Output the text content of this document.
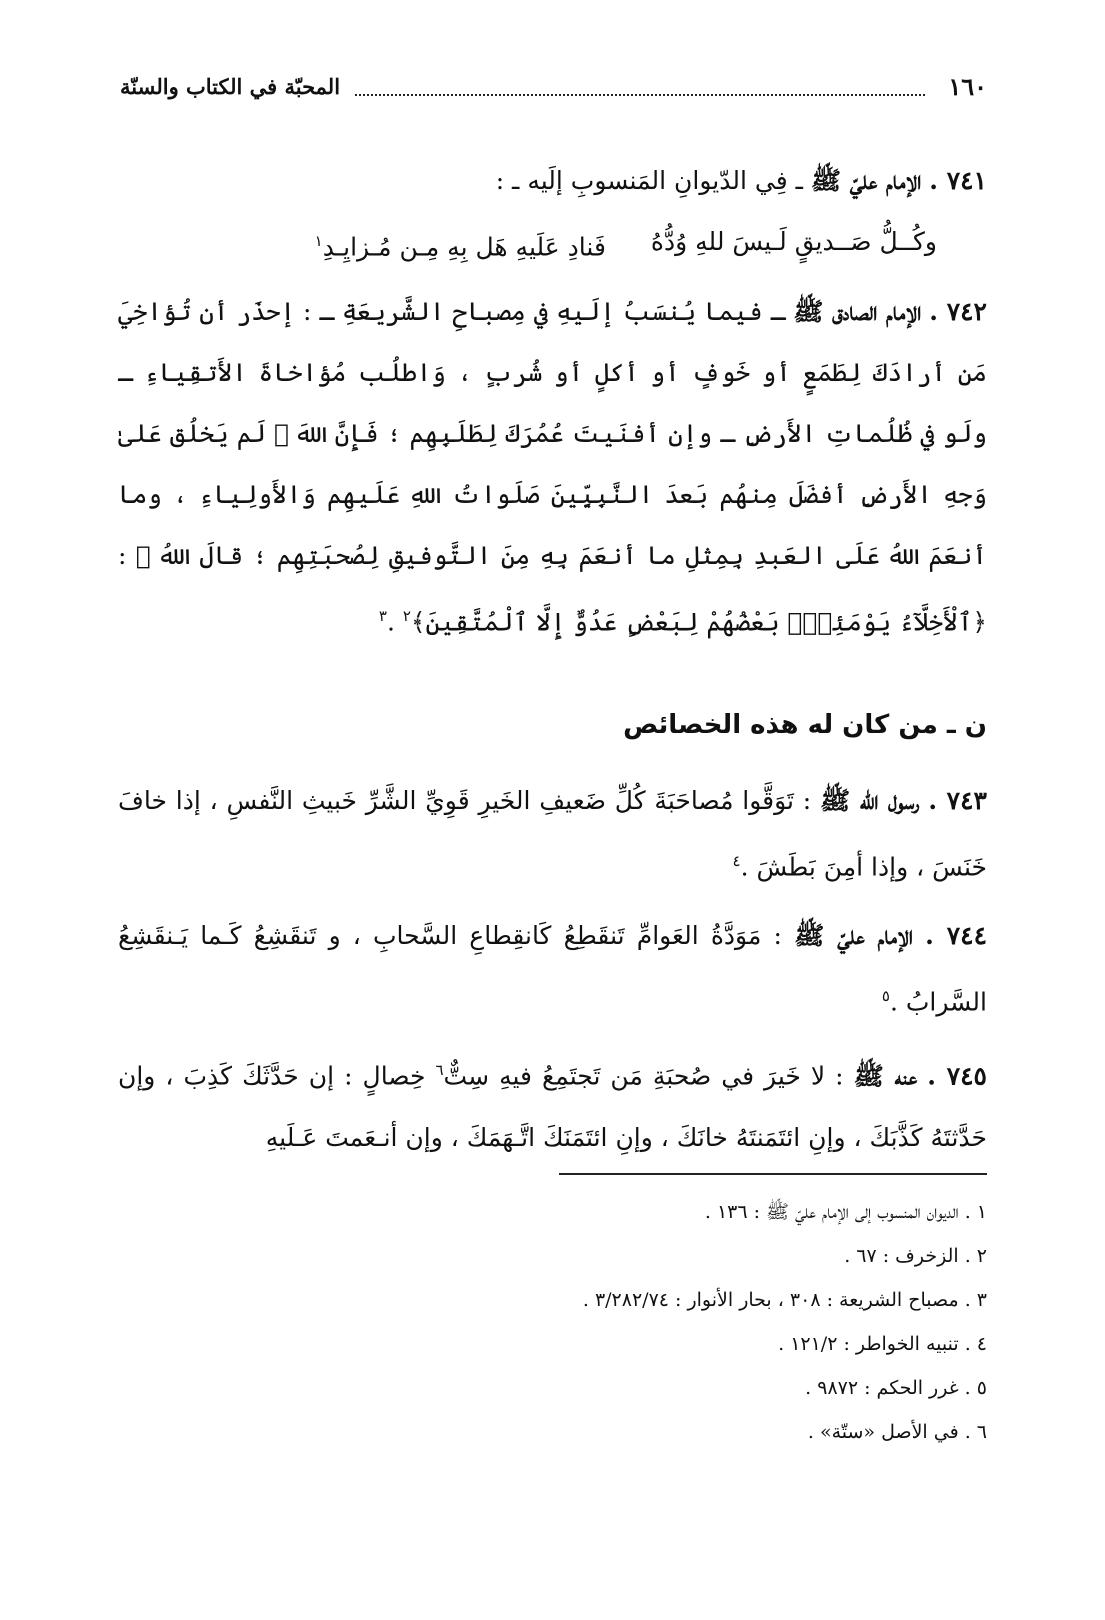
١٦٠
المحبّة في الكتاب والسنّة

٧٤١ . الإمام عليّ ﷺ ـ فِي الدّيوانِ المَنسوبِ إلَيه ـ :

وكُــلُّ صَــديقٍ لَـيسَ للهِ وُدُّهُ
فَنادِ عَلَيهِ هَل بِهِ مِـن مُـزايِـدِ$^١$

٧٤٢ . الإمام الصادق ﷺ ـ فيما يُنسَبُ إلَيهِ في مِصباحِ الشَّريعَةِ ـ : إحذَر أن تُؤاخِيَ مَن أرادَكَ لِطَمَعٍ أو خَوفٍ أو أكلٍ أو شُربٍ ، وَاطلُب مُؤاخاةَ الأَتقِياءِ ـ ولَو في ظُلُماتِ الأَرضِ ـ وإن أفنَيتَ عُمُرَكَ لِطَلَبِهِم ؛ فَإِنَّ اللهَ ﷻ لَم يَخلُق عَلىٰ وَجهِ الأَرضِ أفضَلَ مِنهُم بَعدَ النَّبِيِّينَ صَلَواتُ اللهِ عَلَيهِم وَالأَولِياءِ ، وما أنعَمَ اللهُ عَلَى العَبدِ بِمِثلِ ما أنعَمَ بِهِ مِنَ التَّوفيقِ لِصُحبَتِهِم ؛ قالَ اللهُ ﷻ : ﴿ٱلْأَخِلَّآءُ يَوْمَئِذٍۭ بَعْضُهُمْ لِبَعْضٍ عَدُوٌّ إِلَّا ٱلْمُتَّقِينَ﴾$^٢$ .$^٣$

ن ـ من كان له هذه الخصائص

٧٤٣ . رسول الله ﷺ : تَوَقَّوا مُصاحَبَةَ كُلِّ ضَعيفِ الخَيرِ قَوِيِّ الشَّرِّ خَبيثِ النَّفسِ ، إذا خافَ خَنَسَ ، وإذا أمِنَ بَطَشَ .$^٤$

٧٤٤ . الإمام عليّ ﷺ : مَوَدَّةُ العَوامِّ تَنقَطِعُ كَانقِطاعِ السَّحابِ ، و تَنقَشِعُ كَـما يَـنقَشِعُ السَّرابُ .$^٥$

٧٤٥ . عنه ﷺ : لا خَيرَ في صُحبَةِ مَن تَجتَمِعُ فيهِ سِتٌّ$^٦$ خِصالٍ : إن حَدَّثَكَ كَذِبَ ، وإن حَدَّثتَهُ كَذَّبَكَ ، وإنِ ائتَمَنتَهُ خانَكَ ، وإنِ ائتَمَنَكَ اتَّـهَمَكَ ، وإن أنـعَمتَ عَـلَيهِ

١ . الديوان المنسوب إلى الإمام عليّ ﷺ : ١٣٦ .
٢ . الزخرف : ٦٧ .
٣ . مصباح الشريعة : ٣٠٨ ، بحار الأنوار : ٣/٢٨٢/٧٤ .
٤ . تنبيه الخواطر : ١٢١/٢ .
٥ . غرر الحكم : ٩٨٧٢ .
٦ . في الأصل «ستّة» .
